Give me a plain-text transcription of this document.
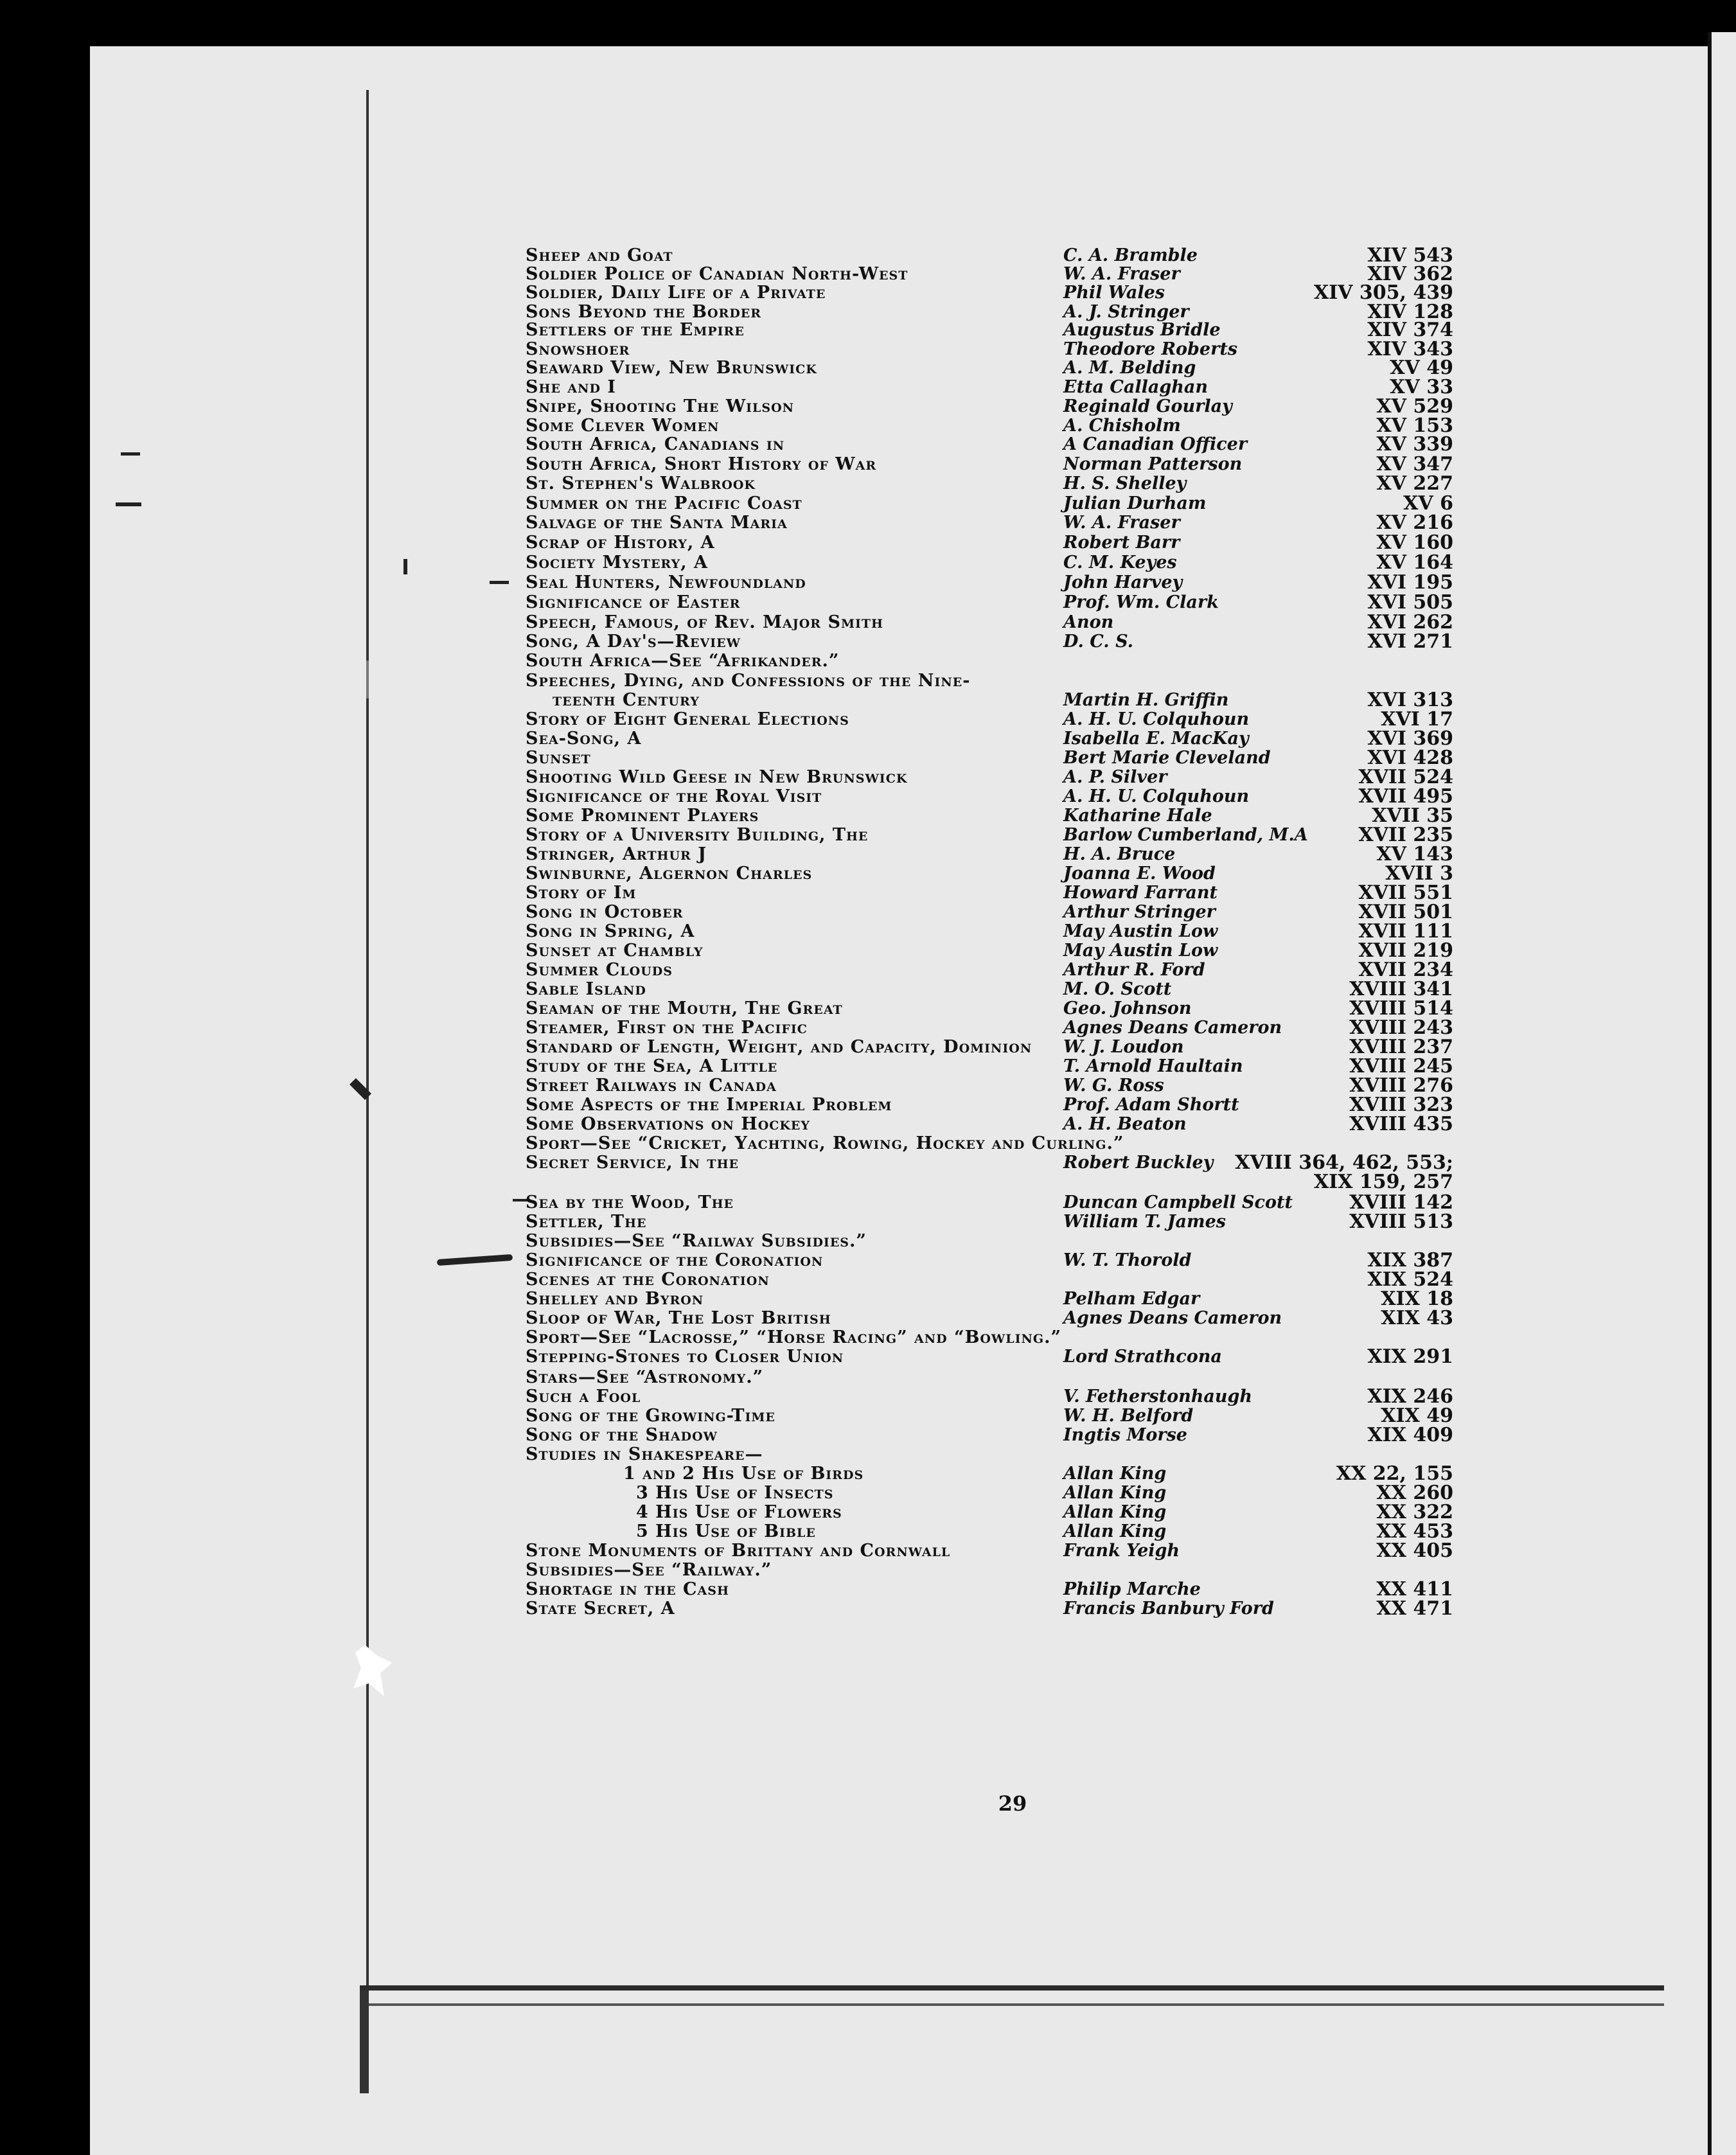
Sheep and Goat	C. A. Bramble	XIV 543
Soldier Police of Canadian North-West	W. A. Fraser	XIV 362
Soldier, Daily Life of a Private	Phil Wales	XIV 305, 439
Sons Beyond the Border	A. J. Stringer	XIV 128
Settlers of the Empire	Augustus Bridle	XIV 374
Snowshoer	Theodore Roberts	XIV 343
Seaward View, New Brunswick	A. M. Belding	XV 49
She and I	Etta Callaghan	XV 33
Snipe, Shooting The Wilson	Reginald Gourlay	XV 529
Some Clever Women	A. Chisholm	XV 153
South Africa, Canadians in	A Canadian Officer	XV 339
South Africa, Short History of War	Norman Patterson	XV 347
St. Stephen's Walbrook	H. S. Shelley	XV 227
Summer on the Pacific Coast	Julian Durham	XV 6
Salvage of the Santa Maria	W. A. Fraser	XV 216
Scrap of History, A	Robert Barr	XV 160
Society Mystery, A	C. M. Keyes	XV 164
Seal Hunters, Newfoundland	John Harvey	XVI 195
Significance of Easter	Prof. Wm. Clark	XVI 505
Speech, Famous, of Rev. Major Smith	Anon	XVI 262
Song, A Day's—Review	D. C. S.	XVI 271
South Africa—See “Afrikander.”
Speeches, Dying, and Confessions of the Nine-
teenth Century	Martin H. Griffin	XVI 313
Story of Eight General Elections	A. H. U. Colquhoun	XVI 17
Sea-Song, A	Isabella E. MacKay	XVI 369
Sunset	Bert Marie Cleveland	XVI 428
Shooting Wild Geese in New Brunswick	A. P. Silver	XVII 524
Significance of the Royal Visit	A. H. U. Colquhoun	XVII 495
Some Prominent Players	Katharine Hale	XVII 35
Story of a University Building, The	Barlow Cumberland, M.A	XVII 235
Stringer, Arthur J	H. A. Bruce	XV 143
Swinburne, Algernon Charles	Joanna E. Wood	XVII 3
Story of Im	Howard Farrant	XVII 551
Song in October	Arthur Stringer	XVII 501
Song in Spring, A	May Austin Low	XVII 111
Sunset at Chambly	May Austin Low	XVII 219
Summer Clouds	Arthur R. Ford	XVII 234
Sable Island	M. O. Scott	XVIII 341
Seaman of the Mouth, The Great	Geo. Johnson	XVIII 514
Steamer, First on the Pacific	Agnes Deans Cameron	XVIII 243
Standard of Length, Weight, and Capacity, Dominion W. J. Loudon	XVIII 237
Study of the Sea, A Little	T. Arnold Haultain	XVIII 245
Street Railways in Canada	W. G. Ross	XVIII 276
Some Aspects of the Imperial Problem	Prof. Adam Shortt	XVIII 323
Some Observations on Hockey	A. H. Beaton	XVIII 435
Sport—See “Cricket, Yachting, Rowing, Hockey and Curling.”
Secret Service, In the	Robert Buckley	XVIII 364, 462, 553;
XIX 159, 257
Sea by the Wood, The	Duncan Campbell Scott	XVIII 142
Settler, The	William T. James	XVIII 513
Subsidies—See “Railway Subsidies.”
Significance of the Coronation	W. T. Thorold	XIX 387
Scenes at the Coronation	XIX 524
Shelley and Byron	Pelham Edgar	XIX 18
Sloop of War, The Lost British	Agnes Deans Cameron	XIX 43
Sport—See “Lacrosse,” “Horse Racing” and “Bowling.”
Stepping-Stones to Closer Union	Lord Strathcona	XIX 291
Stars—See “Astronomy.”
Such a Fool	V. Fetherstonhaugh	XIX 246
Song of the Growing-Time	W. H. Belford	XIX 49
Song of the Shadow	Ingtis Morse	XIX 409
Studies in Shakespeare—
1 and 2 His Use of Birds	Allan King	XX 22, 155
3 His Use of Insects	Allan King	XX 260
4 His Use of Flowers	Allan King	XX 322
5 His Use of Bible	Allan King	XX 453
Stone Monuments of Brittany and Cornwall	Frank Yeigh	XX 405
Subsidies—See “Railway.”
Shortage in the Cash	Philip Marche	XX 411
State Secret, A	Francis Banbury Ford	XX 471
29
